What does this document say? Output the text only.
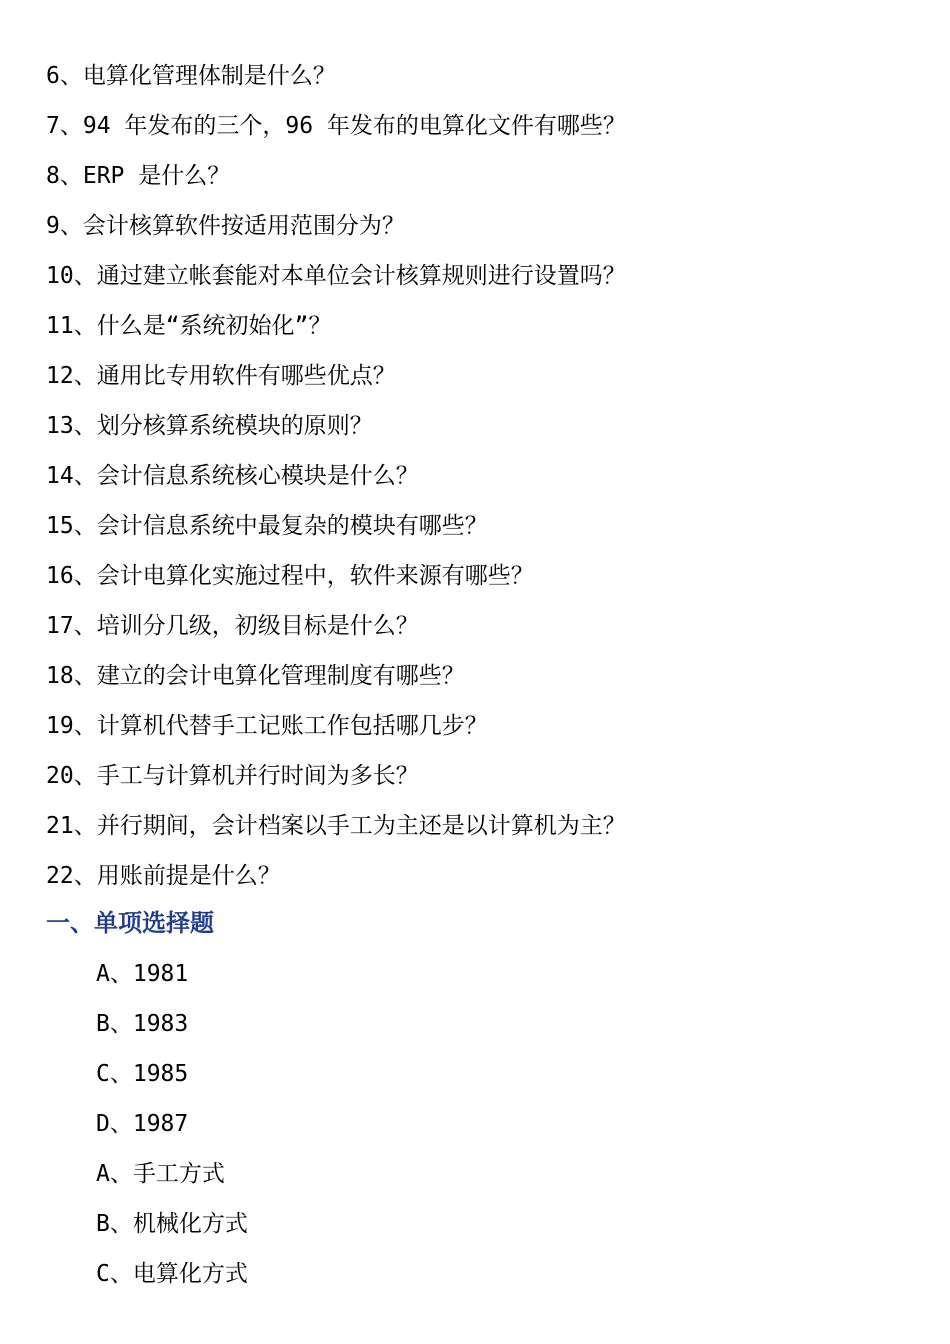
6、电算化管理体制是什么？
7、94 年发布的三个，96 年发布的电算化文件有哪些？
8、ERP 是什么？
9、会计核算软件按适用范围分为？
10、通过建立帐套能对本单位会计核算规则进行设置吗？
11、什么是“系统初始化”？
12、通用比专用软件有哪些优点？
13、划分核算系统模块的原则？
14、会计信息系统核心模块是什么？
15、会计信息系统中最复杂的模块有哪些？
16、会计电算化实施过程中，软件来源有哪些？
17、培训分几级，初级目标是什么？
18、建立的会计电算化管理制度有哪些？
19、计算机代替手工记账工作包括哪几步？
20、手工与计算机并行时间为多长？
21、并行期间，会计档案以手工为主还是以计算机为主？
22、用账前提是什么？
一、单项选择题
A、1981
B、1983
C、1985
D、1987
A、手工方式
B、机械化方式
C、电算化方式
